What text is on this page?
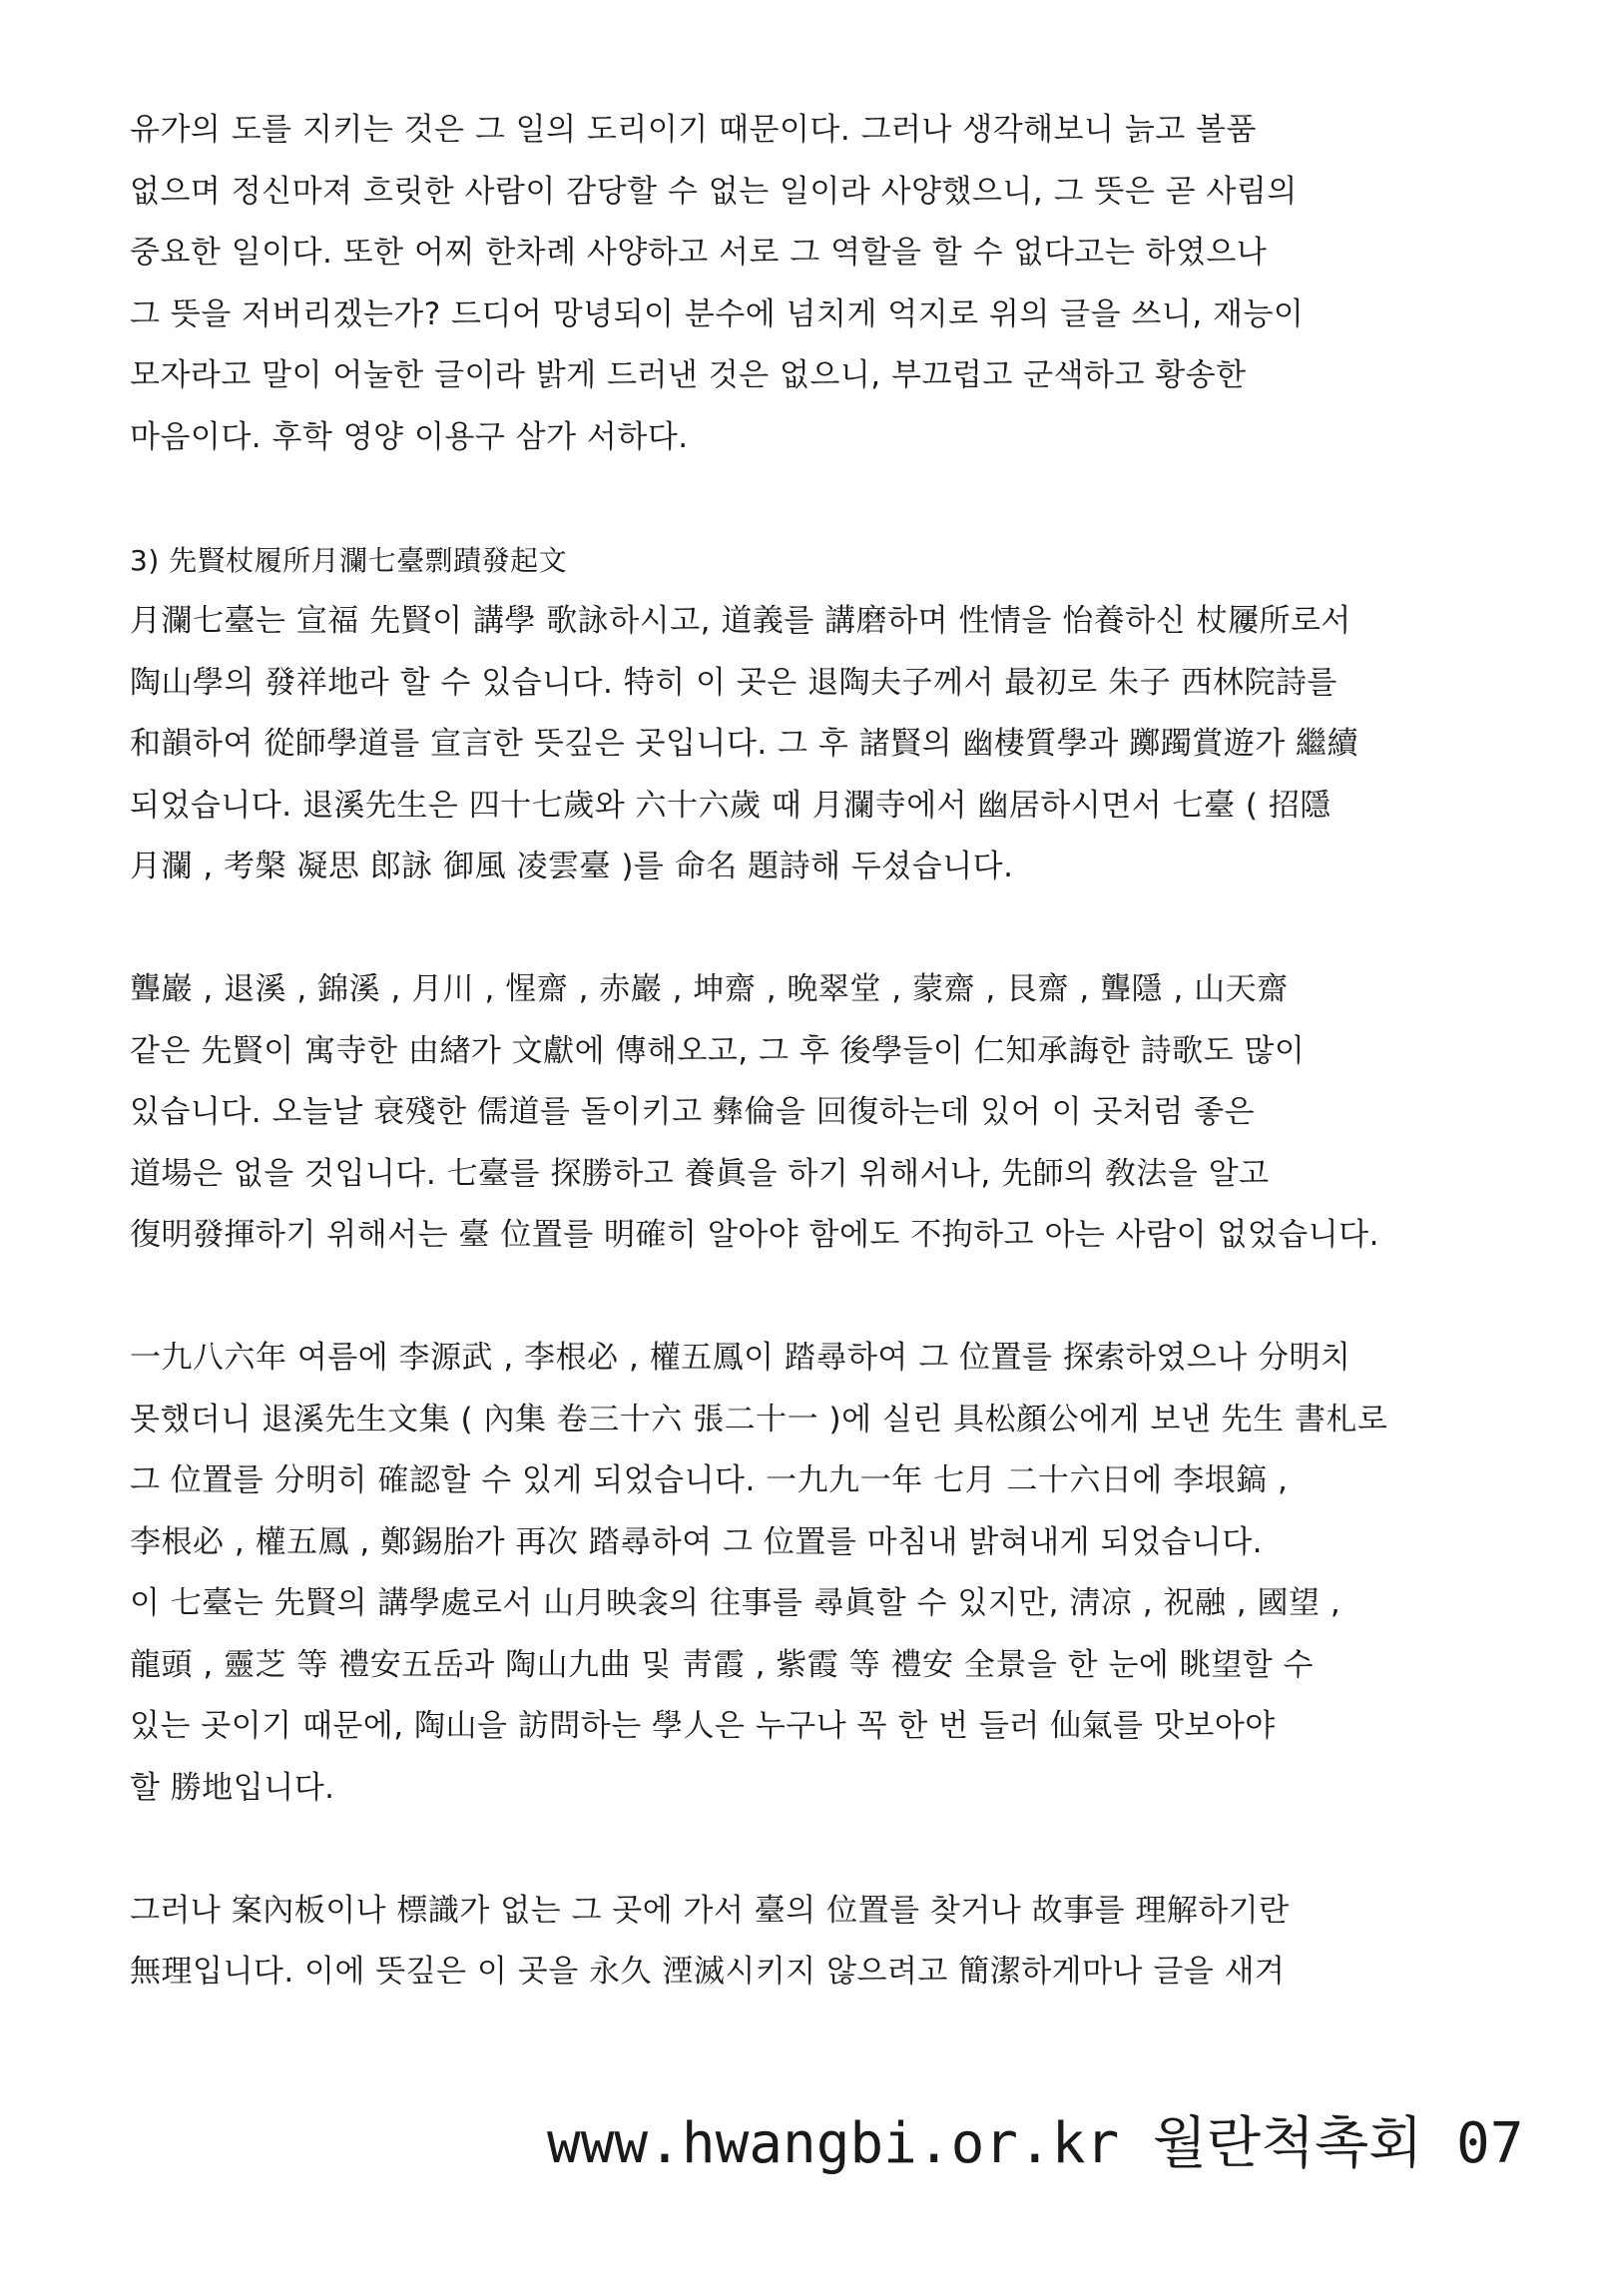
유가의 도를 지키는 것은 그 일의 도리이기 때문이다. 그러나 생각해보니 늙고 볼품
없으며 정신마져 흐릿한 사람이 감당할 수 없는 일이라 사양했으니, 그 뜻은 곧 사림의
중요한 일이다. 또한 어찌 한차례 사양하고 서로 그 역할을 할 수 없다고는 하였으나
그 뜻을 저버리겠는가? 드디어 망녕되이 분수에 넘치게 억지로 위의 글을 쓰니, 재능이
모자라고 말이 어눌한 글이라 밝게 드러낸 것은 없으니, 부끄럽고 군색하고 황송한
마음이다. 후학 영양 이용구 삼가 서하다.
3) 先賢杖履所月瀾七臺剽蹟發起文
月瀾七臺는 宣福 先賢이 講學 歌詠하시고, 道義를 講磨하며 性情을 怡養하신 杖屨所로서
陶山學의 發祥地라 할 수 있습니다. 特히 이 곳은 退陶夫子께서 最初로 朱子 西林院詩를
和韻하여 從師學道를 宣言한 뜻깊은 곳입니다. 그 후 諸賢의 幽棲質學과 躑躅賞遊가 繼續
되었습니다. 退溪先生은 四十七歲와 六十六歲 때 月瀾寺에서 幽居하시면서 七臺 ( 招隱
月瀾 , 考槃 凝思 郎詠 御風 凌雲臺 )를 命名 題詩해 두셨습니다.
聾巖 , 退溪 , 錦溪 , 月川 , 惺齋 , 赤巖 , 坤齋 , 晩翠堂 , 蒙齋 , 艮齋 , 聾隱 , 山天齋
같은 先賢이 寓寺한 由緖가 文獻에 傳해오고, 그 후 後學들이 仁知承誨한 詩歌도 많이
있습니다. 오늘날 衰殘한 儒道를 돌이키고 彝倫을 回復하는데 있어 이 곳처럼 좋은
道場은 없을 것입니다. 七臺를 探勝하고 養眞을 하기 위해서나, 先師의 敎法을 알고
復明發揮하기 위해서는 臺 位置를 明確히 알아야 함에도 不拘하고 아는 사람이 없었습니다.
一九八六年 여름에 李源武 , 李根必 , 權五鳳이 踏尋하여 그 位置를 探索하였으나 分明치
못했더니 退溪先生文集 ( 內集 卷三十六 張二十一 )에 실린 具松顔公에게 보낸 先生 書札로
그 位置를 分明히 確認할 수 있게 되었습니다. 一九九一年 七月 二十六日에 李垠鎬 ,
李根必 , 權五鳳 , 鄭錫胎가 再次 踏尋하여 그 位置를 마침내 밝혀내게 되었습니다.
이 七臺는 先賢의 講學處로서 山月映衾의 往事를 尋眞할 수 있지만, 淸凉 , 祝融 , 國望 ,
龍頭 , 靈芝 等 禮安五岳과 陶山九曲 및 靑霞 , 紫霞 等 禮安 全景을 한 눈에 眺望할 수
있는 곳이기 때문에, 陶山을 訪問하는 學人은 누구나 꼭 한 번 들러 仙氣를 맛보아야
할 勝地입니다.
그러나 案內板이나 標識가 없는 그 곳에 가서 臺의 位置를 찾거나 故事를 理解하기란
無理입니다. 이에 뜻깊은 이 곳을 永久 湮滅시키지 않으려고 簡潔하게마나 글을 새겨
www.hwangbi.or.kr 월란척촉회 07
